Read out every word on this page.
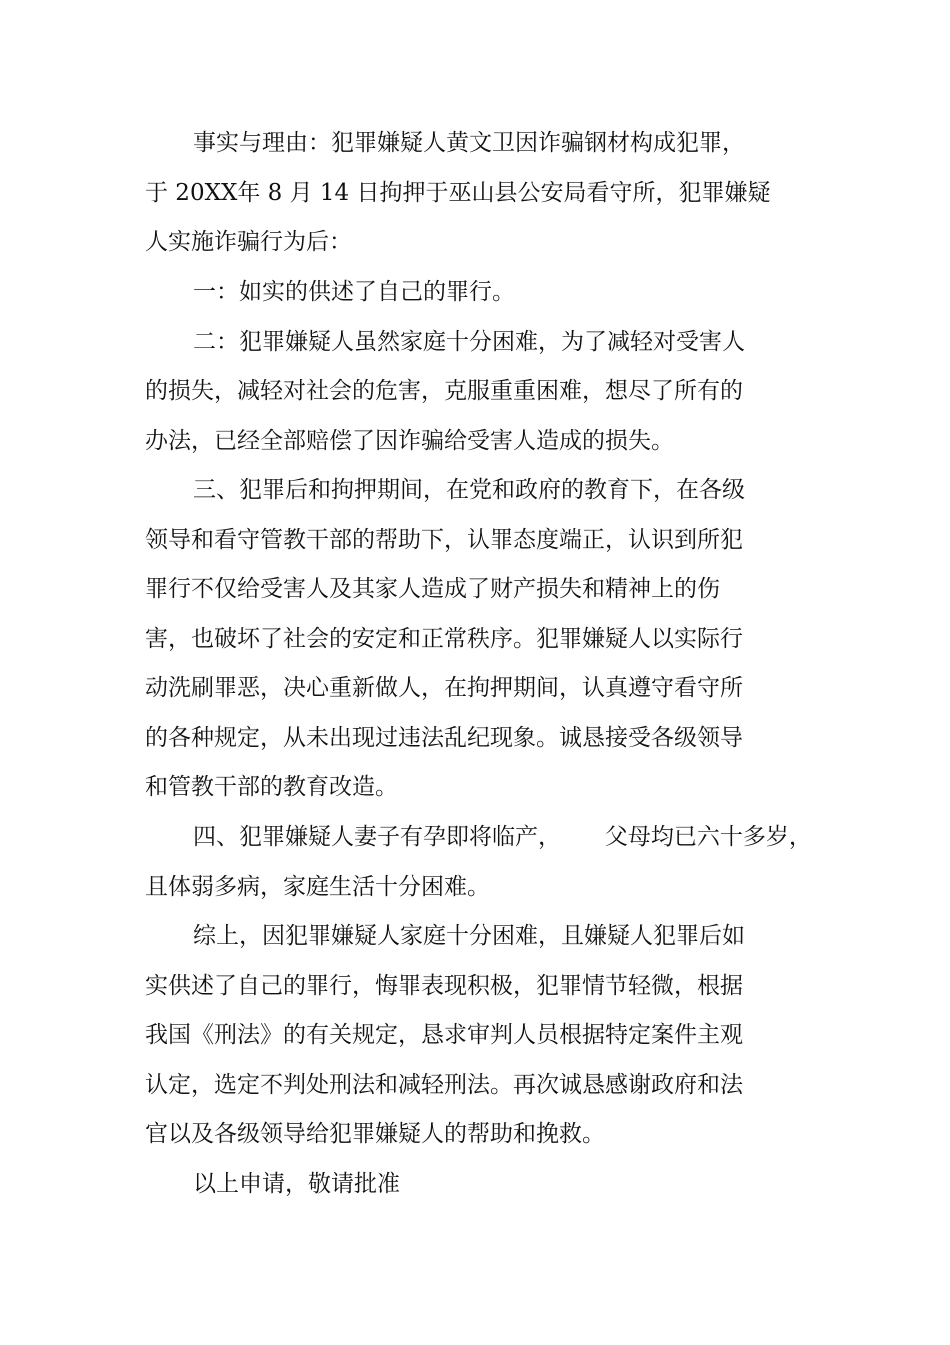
事实与理由：犯罪嫌疑人黄文卫因诈骗钢材构成犯罪，
于 20XX年 8 月 14 日拘押于巫山县公安局看守所，犯罪嫌疑
人实施诈骗行为后：
一：如实的供述了自己的罪行。
二：犯罪嫌疑人虽然家庭十分困难，为了减轻对受害人
的损失，减轻对社会的危害，克服重重困难，想尽了所有的
办法，已经全部赔偿了因诈骗给受害人造成的损失。
三、犯罪后和拘押期间，在党和政府的教育下，在各级
领导和看守管教干部的帮助下，认罪态度端正，认识到所犯
罪行不仅给受害人及其家人造成了财产损失和精神上的伤
害，也破坏了社会的安定和正常秩序。犯罪嫌疑人以实际行
动洗刷罪恶，决心重新做人，在拘押期间，认真遵守看守所
的各种规定，从未出现过违法乱纪现象。诚恳接受各级领导
和管教干部的教育改造。
四、犯罪嫌疑人妻子有孕即将临产，      父母均已六十多岁，
且体弱多病，家庭生活十分困难。
综上，因犯罪嫌疑人家庭十分困难，且嫌疑人犯罪后如
实供述了自己的罪行，悔罪表现积极，犯罪情节轻微，根据
我国《刑法》的有关规定，恳求审判人员根据特定案件主观
认定，选定不判处刑法和减轻刑法。再次诚恳感谢政府和法
官以及各级领导给犯罪嫌疑人的帮助和挽救。
以上申请，敬请批准
